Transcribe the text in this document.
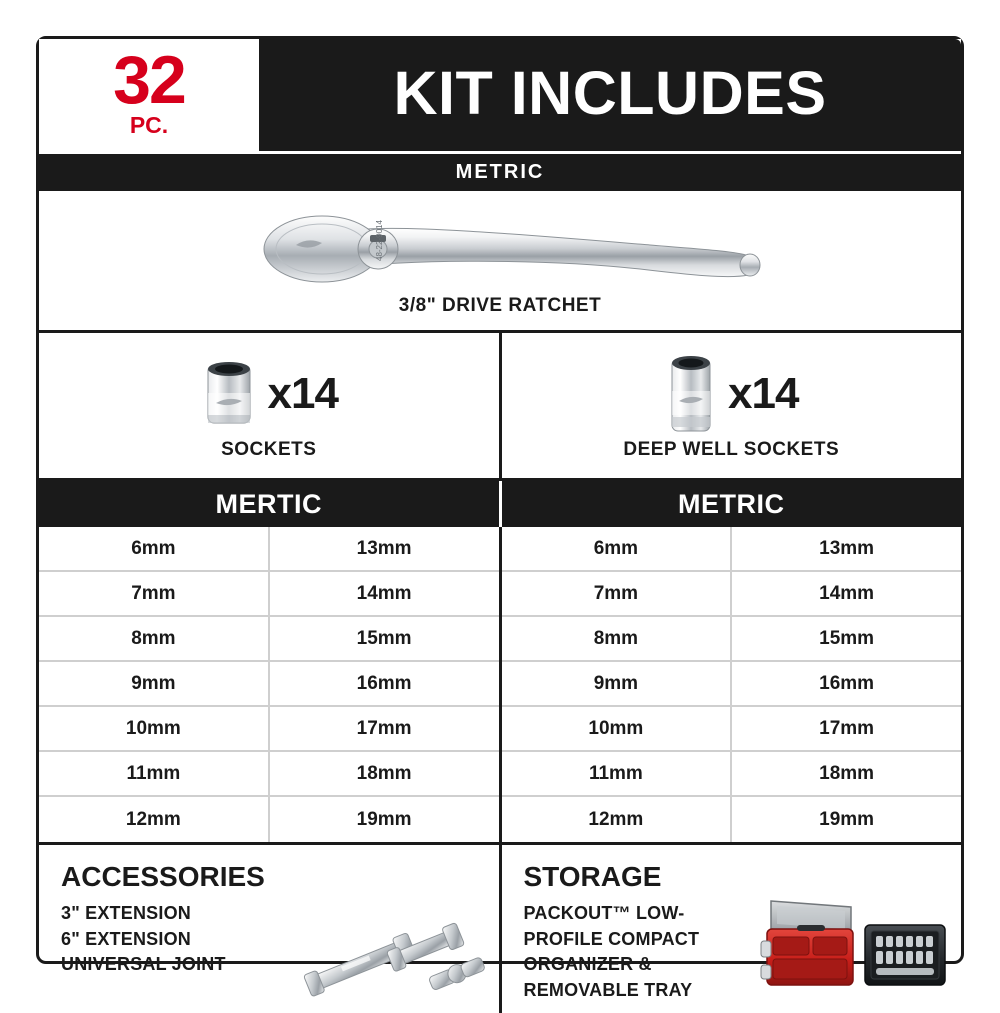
32
PC.	KIT INCLUDES
METRIC
48-22-9014
3/8" DRIVE RATCHET
x14
SOCKETS
x14
DEEP WELL SOCKETS
MERTIC	METRIC
6mm
7mm
8mm
9mm
10mm
11mm
12mm
13mm
14mm
15mm
16mm
17mm
18mm
19mm
6mm
7mm
8mm
9mm
10mm
11mm
12mm
13mm
14mm
15mm
16mm
17mm
18mm
19mm
ACCESSORIES
3" EXTENSION
6" EXTENSION
UNIVERSAL JOINT
STORAGE
PACKOUT™ LOW-
PROFILE COMPACT
ORGANIZER &
REMOVABLE TRAY
